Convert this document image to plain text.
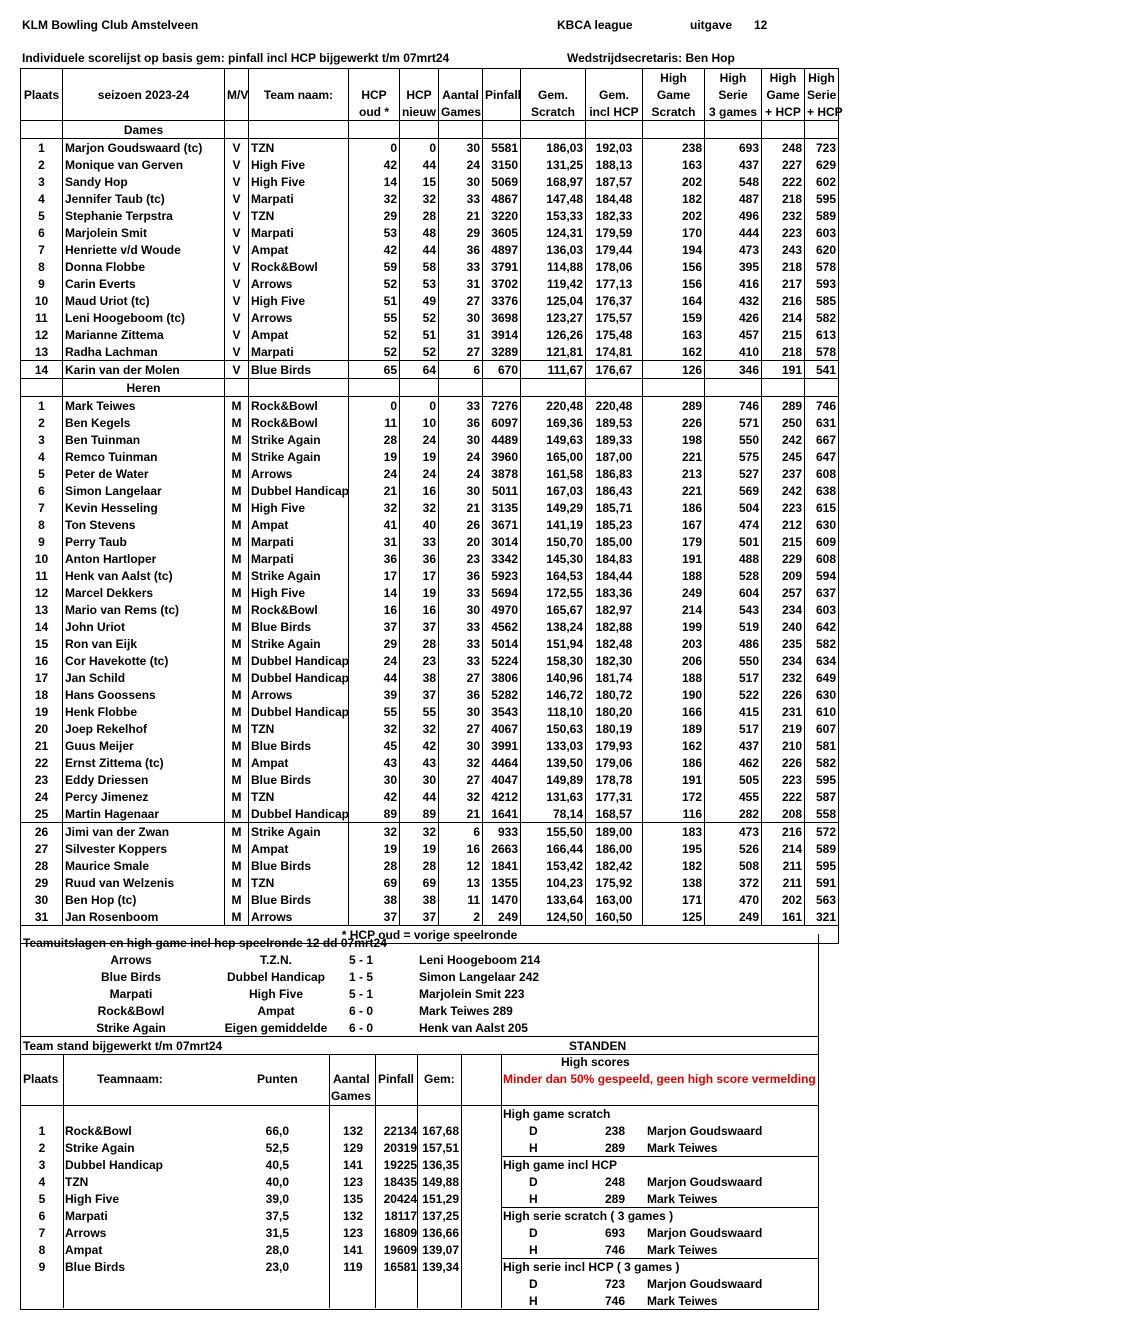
KLM Bowling Club Amstelveen	KBCA league	uitgave 12
Individuele scorelijst op basis gem: pinfall incl HCP bijgewerkt t/m 07mrt24	Wedstrijdsecretaris: Ben Hop
										High	High	High	High
Plaats	seizoen 2023-24	M/V	Team naam:	HCP	HCP	Aantal	Pinfall	Gem.	Gem.	Game	Serie	Game	Serie
				oud *	nieuw	Games		Scratch	incl HCP	Scratch	3 games	+ HCP	+ HCP
	Dames												
1	Marjon Goudswaard (tc)	V	TZN	0	0	30	5581	186,03	192,03	238	693	248	723
2	Monique van Gerven	V	High Five	42	44	24	3150	131,25	188,13	163	437	227	629
3	Sandy Hop	V	High Five	14	15	30	5069	168,97	187,57	202	548	222	602
4	Jennifer Taub (tc)	V	Marpati	32	32	33	4867	147,48	184,48	182	487	218	595
5	Stephanie Terpstra	V	TZN	29	28	21	3220	153,33	182,33	202	496	232	589
6	Marjolein Smit	V	Marpati	53	48	29	3605	124,31	179,59	170	444	223	603
7	Henriette v/d Woude	V	Ampat	42	44	36	4897	136,03	179,44	194	473	243	620
8	Donna Flobbe	V	Rock&Bowl	59	58	33	3791	114,88	178,06	156	395	218	578
9	Carin Everts	V	Arrows	52	53	31	3702	119,42	177,13	156	416	217	593
10	Maud Uriot (tc)	V	High Five	51	49	27	3376	125,04	176,37	164	432	216	585
11	Leni Hoogeboom (tc)	V	Arrows	55	52	30	3698	123,27	175,57	159	426	214	582
12	Marianne Zittema	V	Ampat	52	51	31	3914	126,26	175,48	163	457	215	613
13	Radha Lachman	V	Marpati	52	52	27	3289	121,81	174,81	162	410	218	578
14	Karin van der Molen	V	Blue Birds	65	64	6	670	111,67	176,67	126	346	191	541
	Heren												
1	Mark Teiwes	M	Rock&Bowl	0	0	33	7276	220,48	220,48	289	746	289	746
2	Ben Kegels	M	Rock&Bowl	11	10	36	6097	169,36	189,53	226	571	250	631
3	Ben Tuinman	M	Strike Again	28	24	30	4489	149,63	189,33	198	550	242	667
4	Remco Tuinman	M	Strike Again	19	19	24	3960	165,00	187,00	221	575	245	647
5	Peter de Water	M	Arrows	24	24	24	3878	161,58	186,83	213	527	237	608
6	Simon Langelaar	M	Dubbel Handicap	21	16	30	5011	167,03	186,43	221	569	242	638
7	Kevin Hesseling	M	High Five	32	32	21	3135	149,29	185,71	186	504	223	615
8	Ton Stevens	M	Ampat	41	40	26	3671	141,19	185,23	167	474	212	630
9	Perry Taub	M	Marpati	31	33	20	3014	150,70	185,00	179	501	215	609
10	Anton Hartloper	M	Marpati	36	36	23	3342	145,30	184,83	191	488	229	608
11	Henk van Aalst (tc)	M	Strike Again	17	17	36	5923	164,53	184,44	188	528	209	594
12	Marcel Dekkers	M	High Five	14	19	33	5694	172,55	183,36	249	604	257	637
13	Mario van Rems (tc)	M	Rock&Bowl	16	16	30	4970	165,67	182,97	214	543	234	603
14	John Uriot	M	Blue Birds	37	37	33	4562	138,24	182,88	199	519	240	642
15	Ron van Eijk	M	Strike Again	29	28	33	5014	151,94	182,48	203	486	235	582
16	Cor Havekotte (tc)	M	Dubbel Handicap	24	23	33	5224	158,30	182,30	206	550	234	634
17	Jan Schild	M	Dubbel Handicap	44	38	27	3806	140,96	181,74	188	517	232	649
18	Hans Goossens	M	Arrows	39	37	36	5282	146,72	180,72	190	522	226	630
19	Henk Flobbe	M	Dubbel Handicap	55	55	30	3543	118,10	180,20	166	415	231	610
20	Joep Rekelhof	M	TZN	32	32	27	4067	150,63	180,19	189	517	219	607
21	Guus Meijer	M	Blue Birds	45	42	30	3991	133,03	179,93	162	437	210	581
22	Ernst Zittema (tc)	M	Ampat	43	43	32	4464	139,50	179,06	186	462	226	582
23	Eddy Driessen	M	Blue Birds	30	30	27	4047	149,89	178,78	191	505	223	595
24	Percy Jimenez	M	TZN	42	44	32	4212	131,63	177,31	172	455	222	587
25	Martin Hagenaar	M	Dubbel Handicap	89	89	21	1641	78,14	168,57	116	282	208	558
26	Jimi van der Zwan	M	Strike Again	32	32	6	933	155,50	189,00	183	473	216	572
27	Silvester Koppers	M	Ampat	19	19	16	2663	166,44	186,00	195	526	214	589
28	Maurice Smale	M	Blue Birds	28	28	12	1841	153,42	182,42	182	508	211	595
29	Ruud van Welzenis	M	TZN	69	69	13	1355	104,23	175,92	138	372	211	591
30	Ben Hop (tc)	M	Blue Birds	38	38	11	1470	133,64	163,00	171	470	202	563
31	Jan Rosenboom	M	Arrows	37	37	2	249	124,50	160,50	125	249	161	321
* HCP oud = vorige speelronde													
Teamuitslagen en high game incl hcp speelronde 12 dd 07mrt24
Arrows	T.Z.N.	5 - 1	Leni Hoogeboom 214
Blue Birds	Dubbel Handicap	1 - 5	Simon Langelaar 242
Marpati	High Five	5 - 1	Marjolein Smit 223
Rock&Bowl	Ampat	6 - 0	Mark Teiwes 289
Strike Again	Eigen gemiddelde	6 - 0	Henk van Aalst 205
Team stand bijgewerkt t/m 07mrt24	STANDEN
Plaats	Teamnaam:	Punten	Aantal
Games
Pinfall Gem:
High scores
Minder dan 50% gespeeld, geen high score vermelding
1	Rock&Bowl	66,0	132	22134 167,68
2	Strike Again	52,5	129	20319 157,51
3	Dubbel Handicap	40,5	141	19225 136,35
4	TZN	40,0	123	18435 149,88
5	High Five	39,0	135	20424 151,29
6	Marpati	37,5	132	18117 137,25
7	Arrows	31,5	123	16809 136,66
8	Ampat	28,0	141	19609 139,07
9	Blue Birds	23,0	119	16581 139,34
High game scratch
D	238 Marjon Goudswaard
H	289 Mark Teiwes
High game incl HCP
D	248 Marjon Goudswaard
H	289 Mark Teiwes
High serie scratch ( 3 games )
D	693 Marjon Goudswaard
H	746 Mark Teiwes
High serie incl HCP ( 3 games )
D	723 Marjon Goudswaard
H	746 Mark Teiwes
